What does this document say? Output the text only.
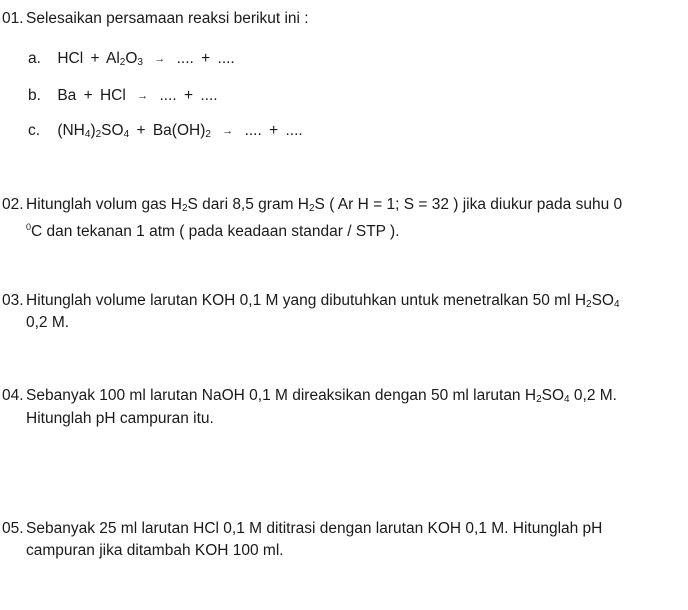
01. Selesaikan persamaan reaksi berikut ini :
a. HCl + Al2O3 → .... + ....
b. Ba + HCl → .... + ....
c. (NH4)2SO4 + Ba(OH)2 → .... + ....
02. Hitunglah volum gas H2S dari 8,5 gram H2S ( Ar H = 1; S = 32 ) jika diukur pada suhu 0
$^0$C dan tekanan 1 atm ( pada keadaan standar / STP ).
03. Hitunglah volume larutan KOH 0,1 M yang dibutuhkan untuk menetralkan 50 ml H2SO4
0,2 M.
04. Sebanyak 100 ml larutan NaOH 0,1 M direaksikan dengan 50 ml larutan H2SO4 0,2 M.
Hitunglah pH campuran itu.
05. Sebanyak 25 ml larutan HCl 0,1 M dititrasi dengan larutan KOH 0,1 M. Hitunglah pH
campuran jika ditambah KOH 100 ml.
